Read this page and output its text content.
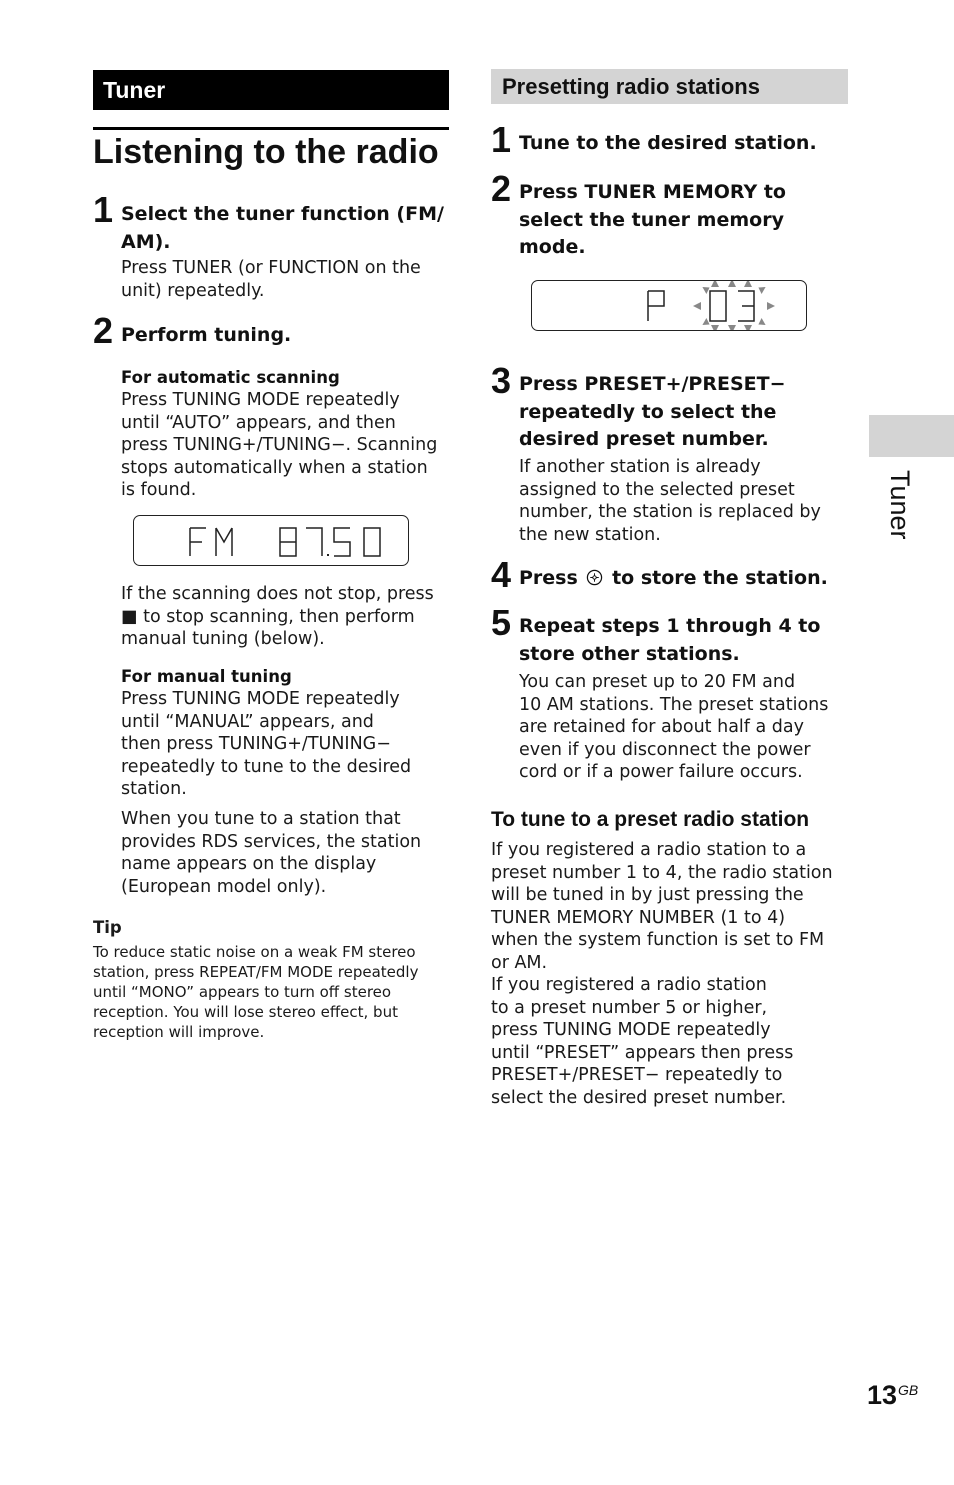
Tuner
Listening to the radio
1 Select the tuner function (FM/
AM).
Press TUNER (or FUNCTION on the
unit) repeatedly.
2 Perform tuning.
For automatic scanning
Press TUNING MODE repeatedly
until “AUTO” appears, and then
press TUNING+/TUNING−. Scanning
stops automatically when a station
is found.
If the scanning does not stop, press
■ to stop scanning, then perform
manual tuning (below).
For manual tuning
Press TUNING MODE repeatedly
until “MANUAL” appears, and
then press TUNING+/TUNING−
repeatedly to tune to the desired
station.
When you tune to a station that
provides RDS services, the station
name appears on the display
(European model only).
Tip
To reduce static noise on a weak FM stereo
station, press REPEAT/FM MODE repeatedly
until “MONO” appears to turn off stereo
reception. You will lose stereo effect, but
reception will improve.
Presetting radio stations
1 Tune to the desired station.
2 Press TUNER MEMORY to
select the tuner memory
mode.
3 Press PRESET+/PRESET−
repeatedly to select the
desired preset number.
If another station is already
assigned to the selected preset
number, the station is replaced by
the new station.
4 Press to store the station.
5 Repeat steps 1 through 4 to
store other stations.
You can preset up to 20 FM and
10 AM stations. The preset stations
are retained for about half a day
even if you disconnect the power
cord or if a power failure occurs.
To tune to a preset radio station
If you registered a radio station to a
preset number 1 to 4, the radio station
will be tuned in by just pressing the
TUNER MEMORY NUMBER (1 to 4)
when the system function is set to FM
or AM.
If you registered a radio station
to a preset number 5 or higher,
press TUNING MODE repeatedly
until “PRESET” appears then press
PRESET+/PRESET− repeatedly to
select the desired preset number.
Tuner
$13^{GB}$
